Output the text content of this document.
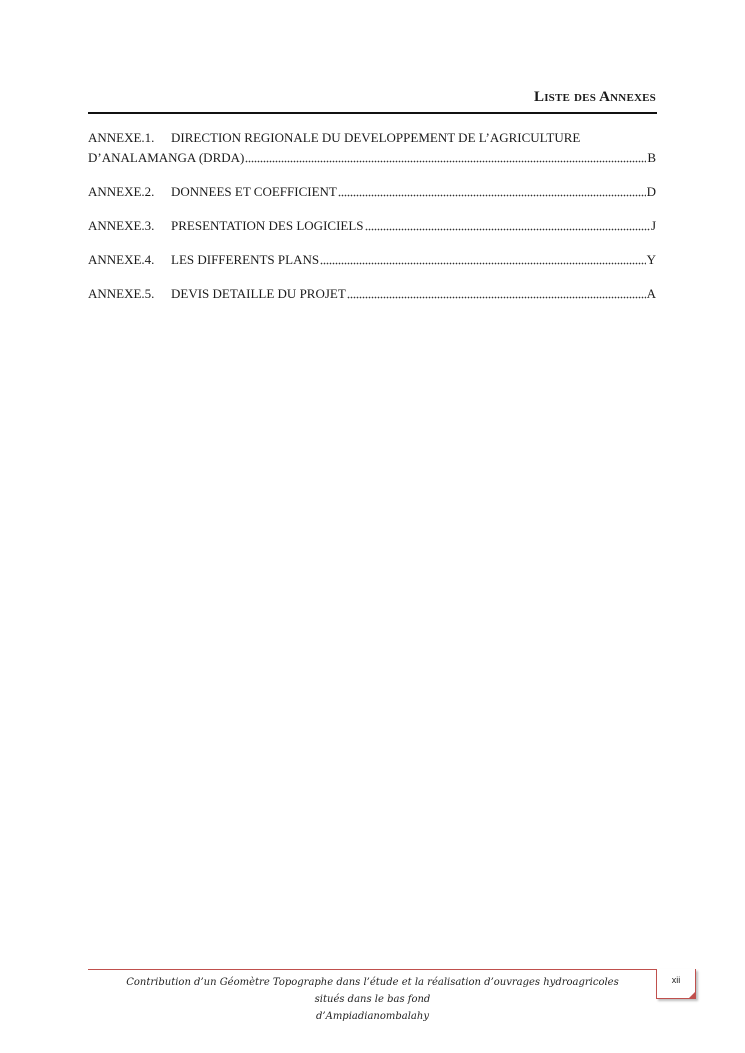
Liste des Annexes
ANNEXE.1.	DIRECTION REGIONALE DU DEVELOPPEMENT DE L’AGRICULTURE
D’ANALAMANGA (DRDA)	B
ANNEXE.2.	DONNEES ET COEFFICIENT	D
ANNEXE.3.	PRESENTATION DES LOGICIELS	J
ANNEXE.4.	LES DIFFERENTS PLANS	Y
ANNEXE.5.	DEVIS DETAILLE DU PROJET	A
Contribution d’un Géomètre Topographe dans l’étude et la réalisation d’ouvrages hydroagricoles situés dans le bas fond
d’Ampiadianombalahy
xii
